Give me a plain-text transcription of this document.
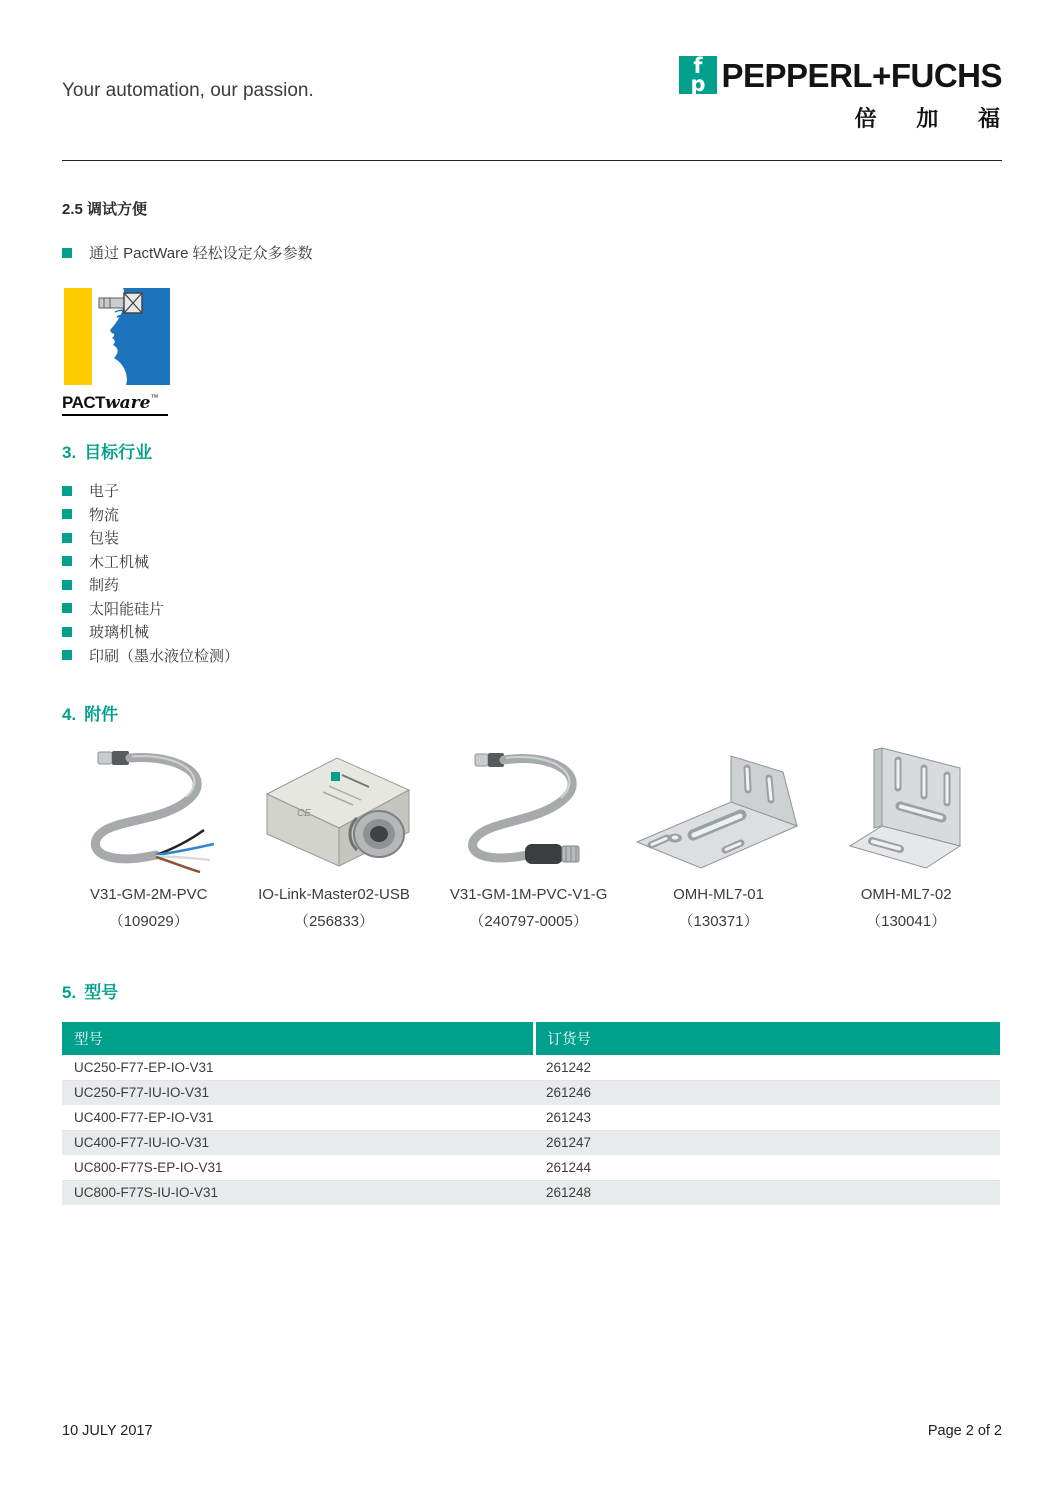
Your automation, our passion.
f
p PEPPERL+FUCHS
倍 加 福
2.5 调试方便
通过 PactWare 轻松设定众多参数
PACTware™
3. 目标行业
电子
物流
包装
木工机械
制药
太阳能硅片
玻璃机械
印刷（墨水液位检测）
4. 附件
V31-GM-2M-PVC
（109029）
CE
IO-Link-Master02-USB
（256833）
V31-GM-1M-PVC-V1-G
（240797-0005）
OMH-ML7-01
（130371）
OMH-ML7-02
（130041）
5. 型号
型号	订货号
UC250-F77-EP-IO-V31	261242
UC250-F77-IU-IO-V31	261246
UC400-F77-EP-IO-V31	261243
UC400-F77-IU-IO-V31	261247
UC800-F77S-EP-IO-V31	261244
UC800-F77S-IU-IO-V31	261248
10 JULY 2017	Page 2 of 2
